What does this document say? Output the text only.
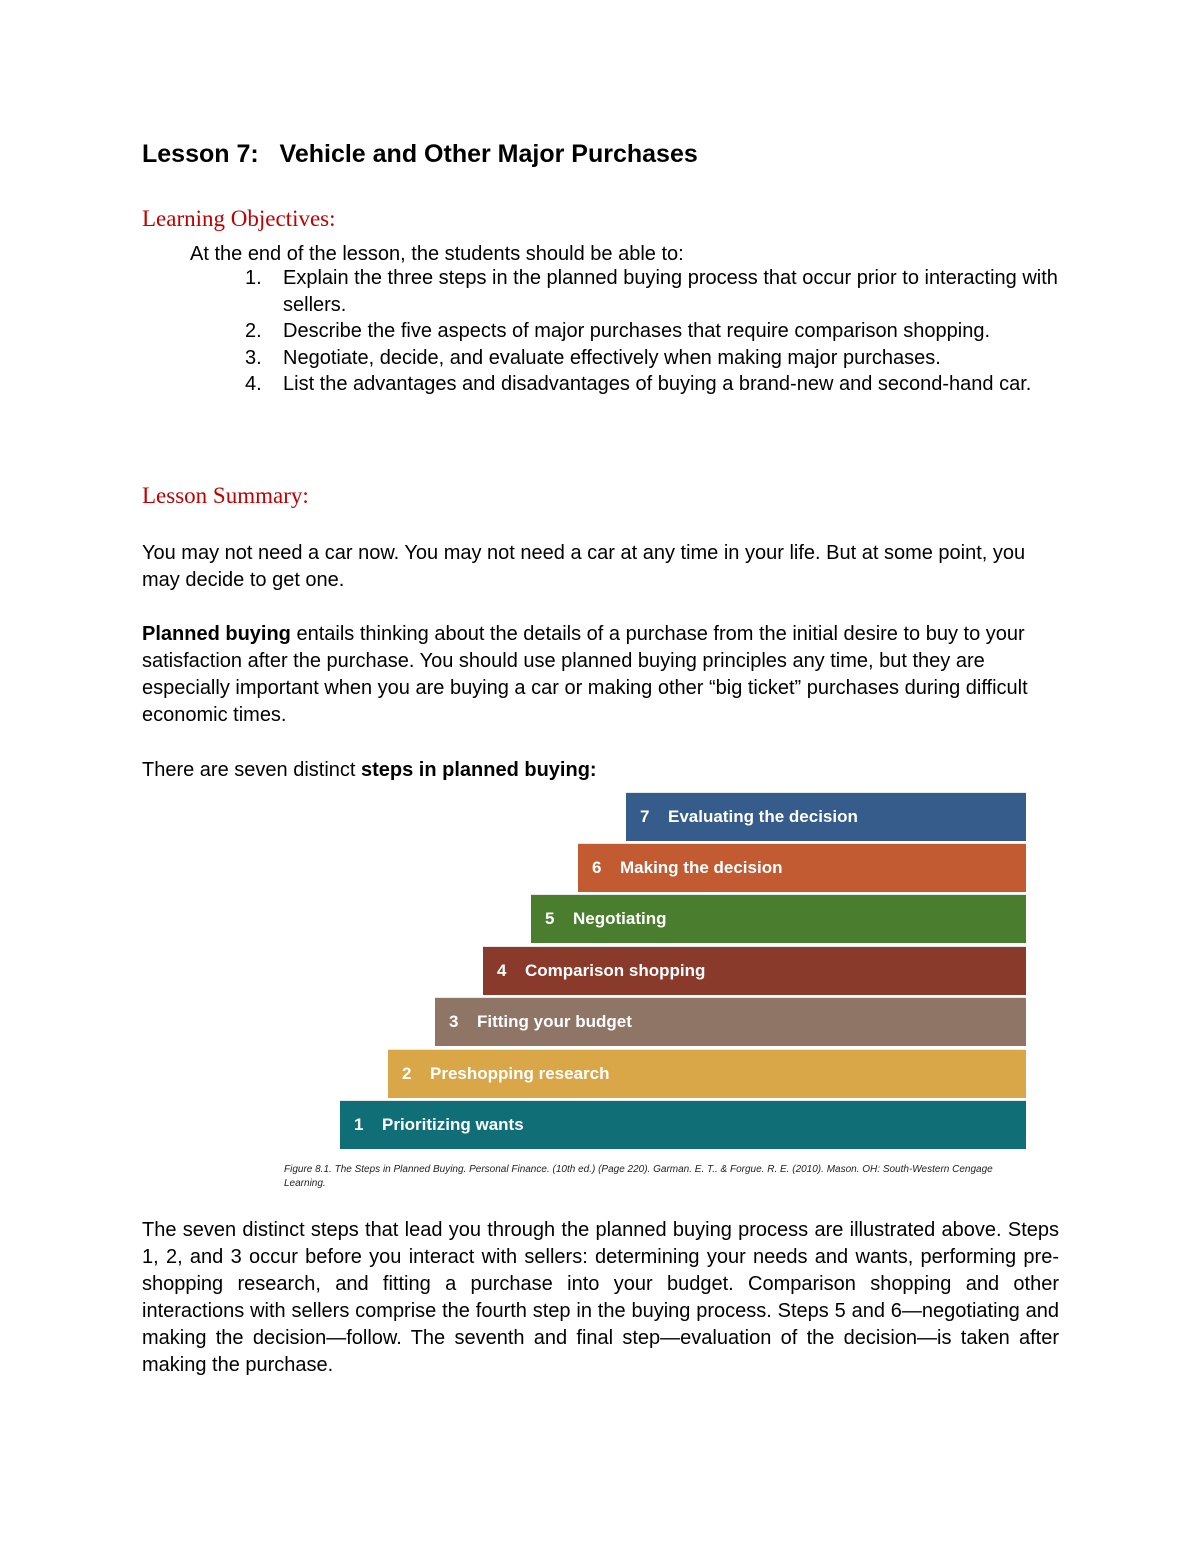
Lesson 7:   Vehicle and Other Major Purchases
Learning Objectives:
At the end of the lesson, the students should be able to:
1. Explain the three steps in the planned buying process that occur prior to interacting with sellers.
2. Describe the five aspects of major purchases that require comparison shopping.
3. Negotiate, decide, and evaluate effectively when making major purchases.
4. List the advantages and disadvantages of buying a brand-new and second-hand car.
Lesson Summary:

You may not need a car now. You may not need a car at any time in your life. But at some point, you may decide to get one.

Planned buying entails thinking about the details of a purchase from the initial desire to buy to your satisfaction after the purchase. You should use planned buying principles any time, but they are especially important when you are buying a car or making other “big ticket” purchases during difficult economic times.

There are seven distinct steps in planned buying:

7	Evaluating the decision
6	Making the decision
5	Negotiating
4	Comparison shopping
3	Fitting your budget
2	Preshopping research
1	Prioritizing wants
Figure 8.1. The Steps in Planned Buying. Personal Finance. (10th ed.) (Page 220). Garman. E. T.. & Forgue. R. E. (2010). Mason. OH: South-Western Cengage Learning.

The seven distinct steps that lead you through the planned buying process are illustrated above. Steps 1, 2, and 3 occur before you interact with sellers: determining your needs and wants, performing pre-shopping research, and fitting a purchase into your budget. Comparison shopping and other interactions with sellers comprise the fourth step in the buying process. Steps 5 and 6—negotiating and making the decision—follow. The seventh and final step—evaluation of the decision—is taken after making the purchase.
